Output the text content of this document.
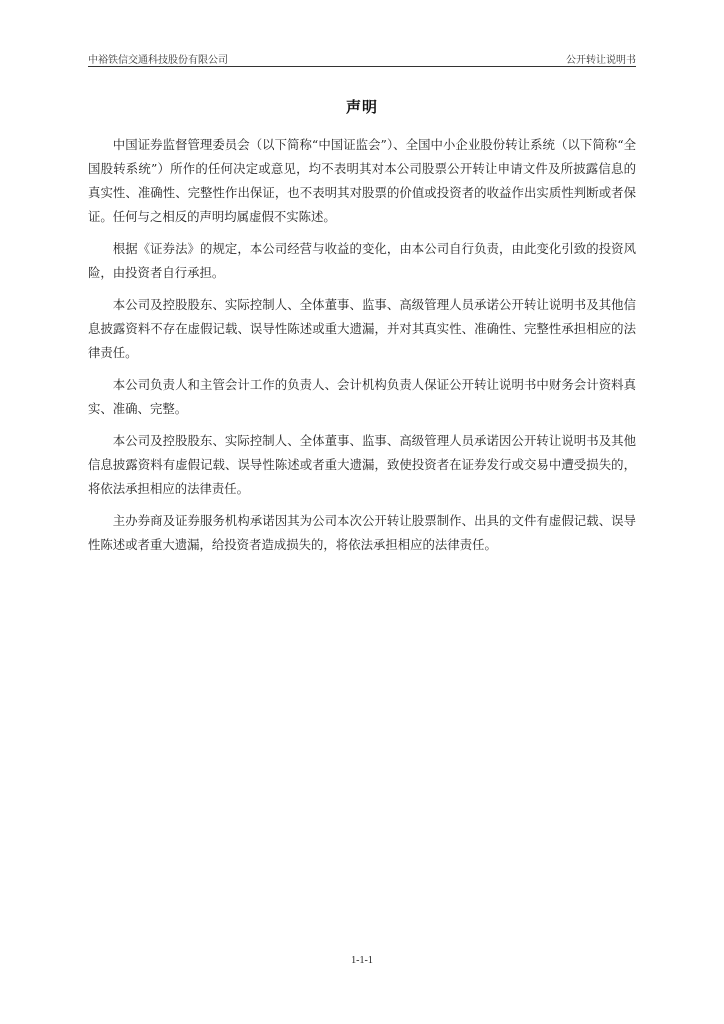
中裕铁信交通科技股份有限公司	公开转让说明书
声明

中国证券监督管理委员会（以下简称“中国证监会”）、全国中小企业股份转让系统（以下简称“全国股转系统”）所作的任何决定或意见，均不表明其对本公司股票公开转让申请文件及所披露信息的真实性、准确性、完整性作出保证，也不表明其对股票的价值或投资者的收益作出实质性判断或者保证。任何与之相反的声明均属虚假不实陈述。

根据《证券法》的规定，本公司经营与收益的变化，由本公司自行负责，由此变化引致的投资风险，由投资者自行承担。

本公司及控股股东、实际控制人、全体董事、监事、高级管理人员承诺公开转让说明书及其他信息披露资料不存在虚假记载、误导性陈述或重大遗漏，并对其真实性、准确性、完整性承担相应的法律责任。

本公司负责人和主管会计工作的负责人、会计机构负责人保证公开转让说明书中财务会计资料真实、准确、完整。

本公司及控股股东、实际控制人、全体董事、监事、高级管理人员承诺因公开转让说明书及其他信息披露资料有虚假记载、误导性陈述或者重大遗漏，致使投资者在证券发行或交易中遭受损失的，将依法承担相应的法律责任。

主办券商及证券服务机构承诺因其为公司本次公开转让股票制作、出具的文件有虚假记载、误导性陈述或者重大遗漏，给投资者造成损失的，将依法承担相应的法律责任。

1-1-1
